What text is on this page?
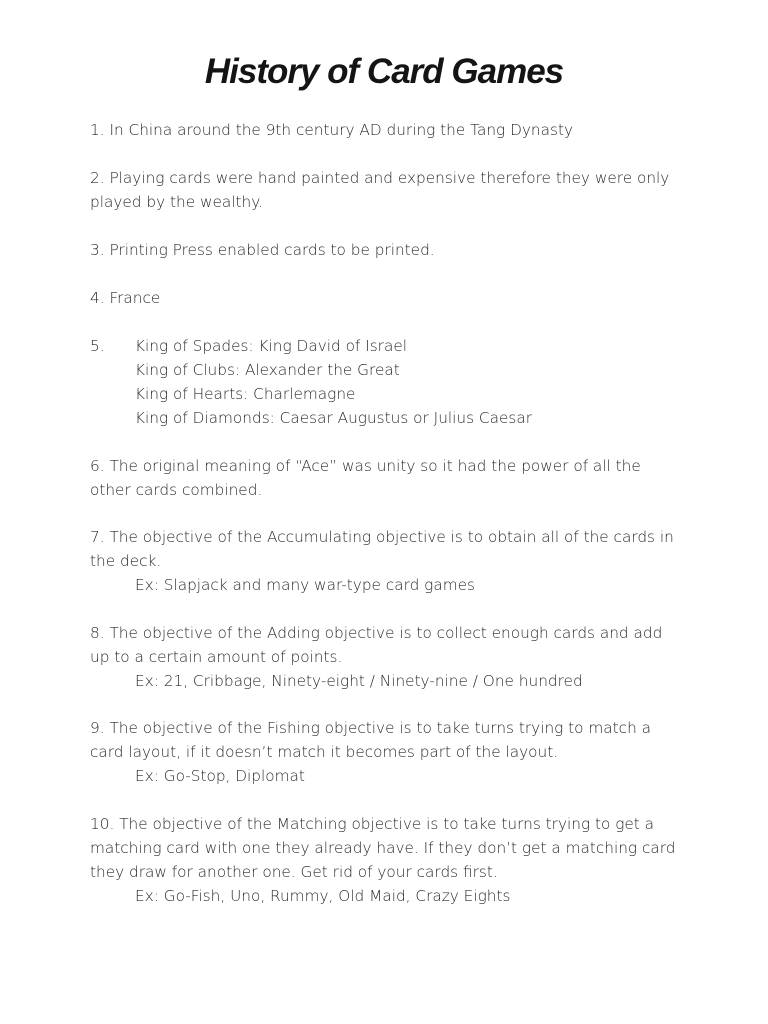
History of Card Games
1. In China around the 9th century AD during the Tang Dynasty
2. Playing cards were hand painted and expensive therefore they were only
played by the wealthy.
3. Printing Press enabled cards to be printed.
4. France
5. King of Spades: King David of Israel
King of Clubs: Alexander the Great
King of Hearts: Charlemagne
King of Diamonds: Caesar Augustus or Julius Caesar
6. The original meaning of “Ace” was unity so it had the power of all the
other cards combined.
7. The objective of the Accumulating objective is to obtain all of the cards in
the deck.
Ex: Slapjack and many war-type card games
8. The objective of the Adding objective is to collect enough cards and add
up to a certain amount of points.
Ex: 21, Cribbage, Ninety-eight / Ninety-nine / One hundred
9. The objective of the Fishing objective is to take turns trying to match a
card layout, if it doesn’t match it becomes part of the layout.
Ex: Go-Stop, Diplomat
10. The objective of the Matching objective is to take turns trying to get a
matching card with one they already have. If they don’t get a matching card
they draw for another one. Get rid of your cards first.
Ex: Go-Fish, Uno, Rummy, Old Maid, Crazy Eights
